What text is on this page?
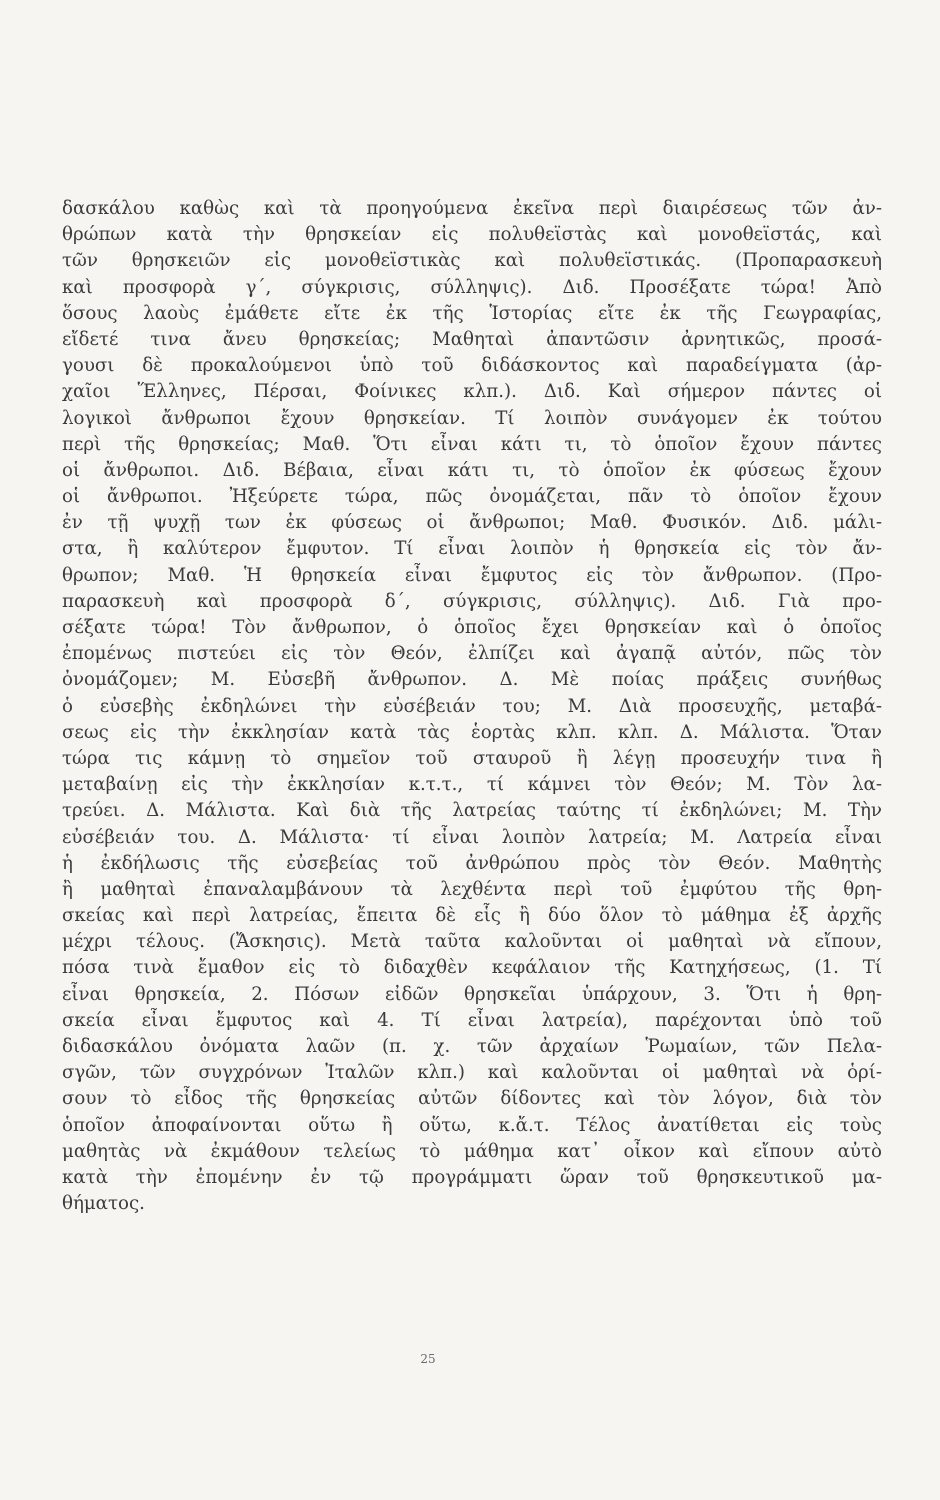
δασκάλου καθὼς καὶ τὰ προηγούμενα ἐκεῖνα περὶ διαιρέσεως τῶν ἀν-
θρώπων κατὰ τὴν θρησκείαν εἰς πολυθεϊστὰς καὶ μονοθεϊστάς, καὶ
τῶν θρησκειῶν εἰς μονοθεϊστικὰς καὶ πολυθεϊστικάς. (Προπαρασκευὴ
καὶ προσφορὰ γ΄, σύγκρισις, σύλληψις). Διδ. Προσέξατε τώρα! Ἀπὸ
ὅσους λαοὺς ἐμάθετε εἴτε ἐκ τῆς Ἱστορίας εἴτε ἐκ τῆς Γεωγραφίας,
εἴδετέ τινα ἄνευ θρησκείας; Μαθηταὶ ἀπαντῶσιν ἀρνητικῶς, προσά-
γουσι δὲ προκαλούμενοι ὑπὸ τοῦ διδάσκοντος καὶ παραδείγματα (ἀρ-
χαῖοι Ἕλληνες, Πέρσαι, Φοίνικες κλπ.). Διδ. Καὶ σήμερον πάντες οἱ
λογικοὶ ἄνθρωποι ἔχουν θρησκείαν. Τί λοιπὸν συνάγομεν ἐκ τούτου
περὶ τῆς θρησκείας; Μαθ. Ὅτι εἶναι κάτι τι, τὸ ὁποῖον ἔχουν πάντες
οἱ ἄνθρωποι. Διδ. Βέβαια, εἶναι κάτι τι, τὸ ὁποῖον ἐκ φύσεως ἔχουν
οἱ ἄνθρωποι. Ἠξεύρετε τώρα, πῶς ὀνομάζεται, πᾶν τὸ ὁποῖον ἔχουν
ἐν τῇ ψυχῇ των ἐκ φύσεως οἱ ἄνθρωποι; Μαθ. Φυσικόν. Διδ. μάλι-
στα, ἢ καλύτερον ἔμφυτον. Τί εἶναι λοιπὸν ἡ θρησκεία εἰς τὸν ἄν-
θρωπον; Μαθ. Ἡ θρησκεία εἶναι ἔμφυτος εἰς τὸν ἄνθρωπον. (Προ-
παρασκευὴ καὶ προσφορὰ δ΄, σύγκρισις, σύλληψις). Διδ. Γιὰ προ-
σέξατε τώρα! Τὸν ἄνθρωπον, ὁ ὁποῖος ἔχει θρησκείαν καὶ ὁ ὁποῖος
ἐπομένως πιστεύει εἰς τὸν Θεόν, ἐλπίζει καὶ ἀγαπᾷ αὐτόν, πῶς τὸν
ὀνομάζομεν; Μ. Εὐσεβῆ ἄνθρωπον. Δ. Μὲ ποίας πράξεις συνήθως
ὁ εὐσεβὴς ἐκδηλώνει τὴν εὐσέβειάν του; Μ. Διὰ προσευχῆς, μεταβά-
σεως εἰς τὴν ἐκκλησίαν κατὰ τὰς ἑορτὰς κλπ. κλπ. Δ. Μάλιστα. Ὅταν
τώρα τις κάμνῃ τὸ σημεῖον τοῦ σταυροῦ ἢ λέγῃ προσευχήν τινα ἢ
μεταβαίνῃ εἰς τὴν ἐκκλησίαν κ.τ.τ., τί κάμνει τὸν Θεόν; Μ. Τὸν λα-
τρεύει. Δ. Μάλιστα. Καὶ διὰ τῆς λατρείας ταύτης τί ἐκδηλώνει; Μ. Τὴν
εὐσέβειάν του. Δ. Μάλιστα· τί εἶναι λοιπὸν λατρεία; Μ. Λατρεία εἶναι
ἡ ἐκδήλωσις τῆς εὐσεβείας τοῦ ἀνθρώπου πρὸς τὸν Θεόν. Μαθητὴς
ἢ μαθηταὶ ἐπαναλαμβάνουν τὰ λεχθέντα περὶ τοῦ ἐμφύτου τῆς θρη-
σκείας καὶ περὶ λατρείας, ἔπειτα δὲ εἷς ἢ δύο ὅλον τὸ μάθημα ἐξ ἀρχῆς
μέχρι τέλους. (Ἄσκησις). Μετὰ ταῦτα καλοῦνται οἱ μαθηταὶ νὰ εἴπουν,
πόσα τινὰ ἔμαθον εἰς τὸ διδαχθὲν κεφάλαιον τῆς Κατηχήσεως, (1. Τί
εἶναι θρησκεία, 2. Πόσων εἰδῶν θρησκεῖαι ὑπάρχουν, 3. Ὅτι ἡ θρη-
σκεία εἶναι ἔμφυτος καὶ 4. Τί εἶναι λατρεία), παρέχονται ὑπὸ τοῦ
διδασκάλου ὀνόματα λαῶν (π. χ. τῶν ἀρχαίων Ῥωμαίων, τῶν Πελα-
σγῶν, τῶν συγχρόνων Ἰταλῶν κλπ.) καὶ καλοῦνται οἱ μαθηταὶ νὰ ὁρί-
σουν τὸ εἶδος τῆς θρησκείας αὐτῶν δίδοντες καὶ τὸν λόγον, διὰ τὸν
ὁποῖον ἀποφαίνονται οὕτω ἢ οὕτω, κ.ἄ.τ. Τέλος ἀνατίθεται εἰς τοὺς
μαθητὰς νὰ ἐκμάθουν τελείως τὸ μάθημα κατ᾽ οἶκον καὶ εἴπουν αὐτὸ
κατὰ τὴν ἐπομένην ἐν τῷ προγράμματι ὥραν τοῦ θρησκευτικοῦ μα-
θήματος.
25
